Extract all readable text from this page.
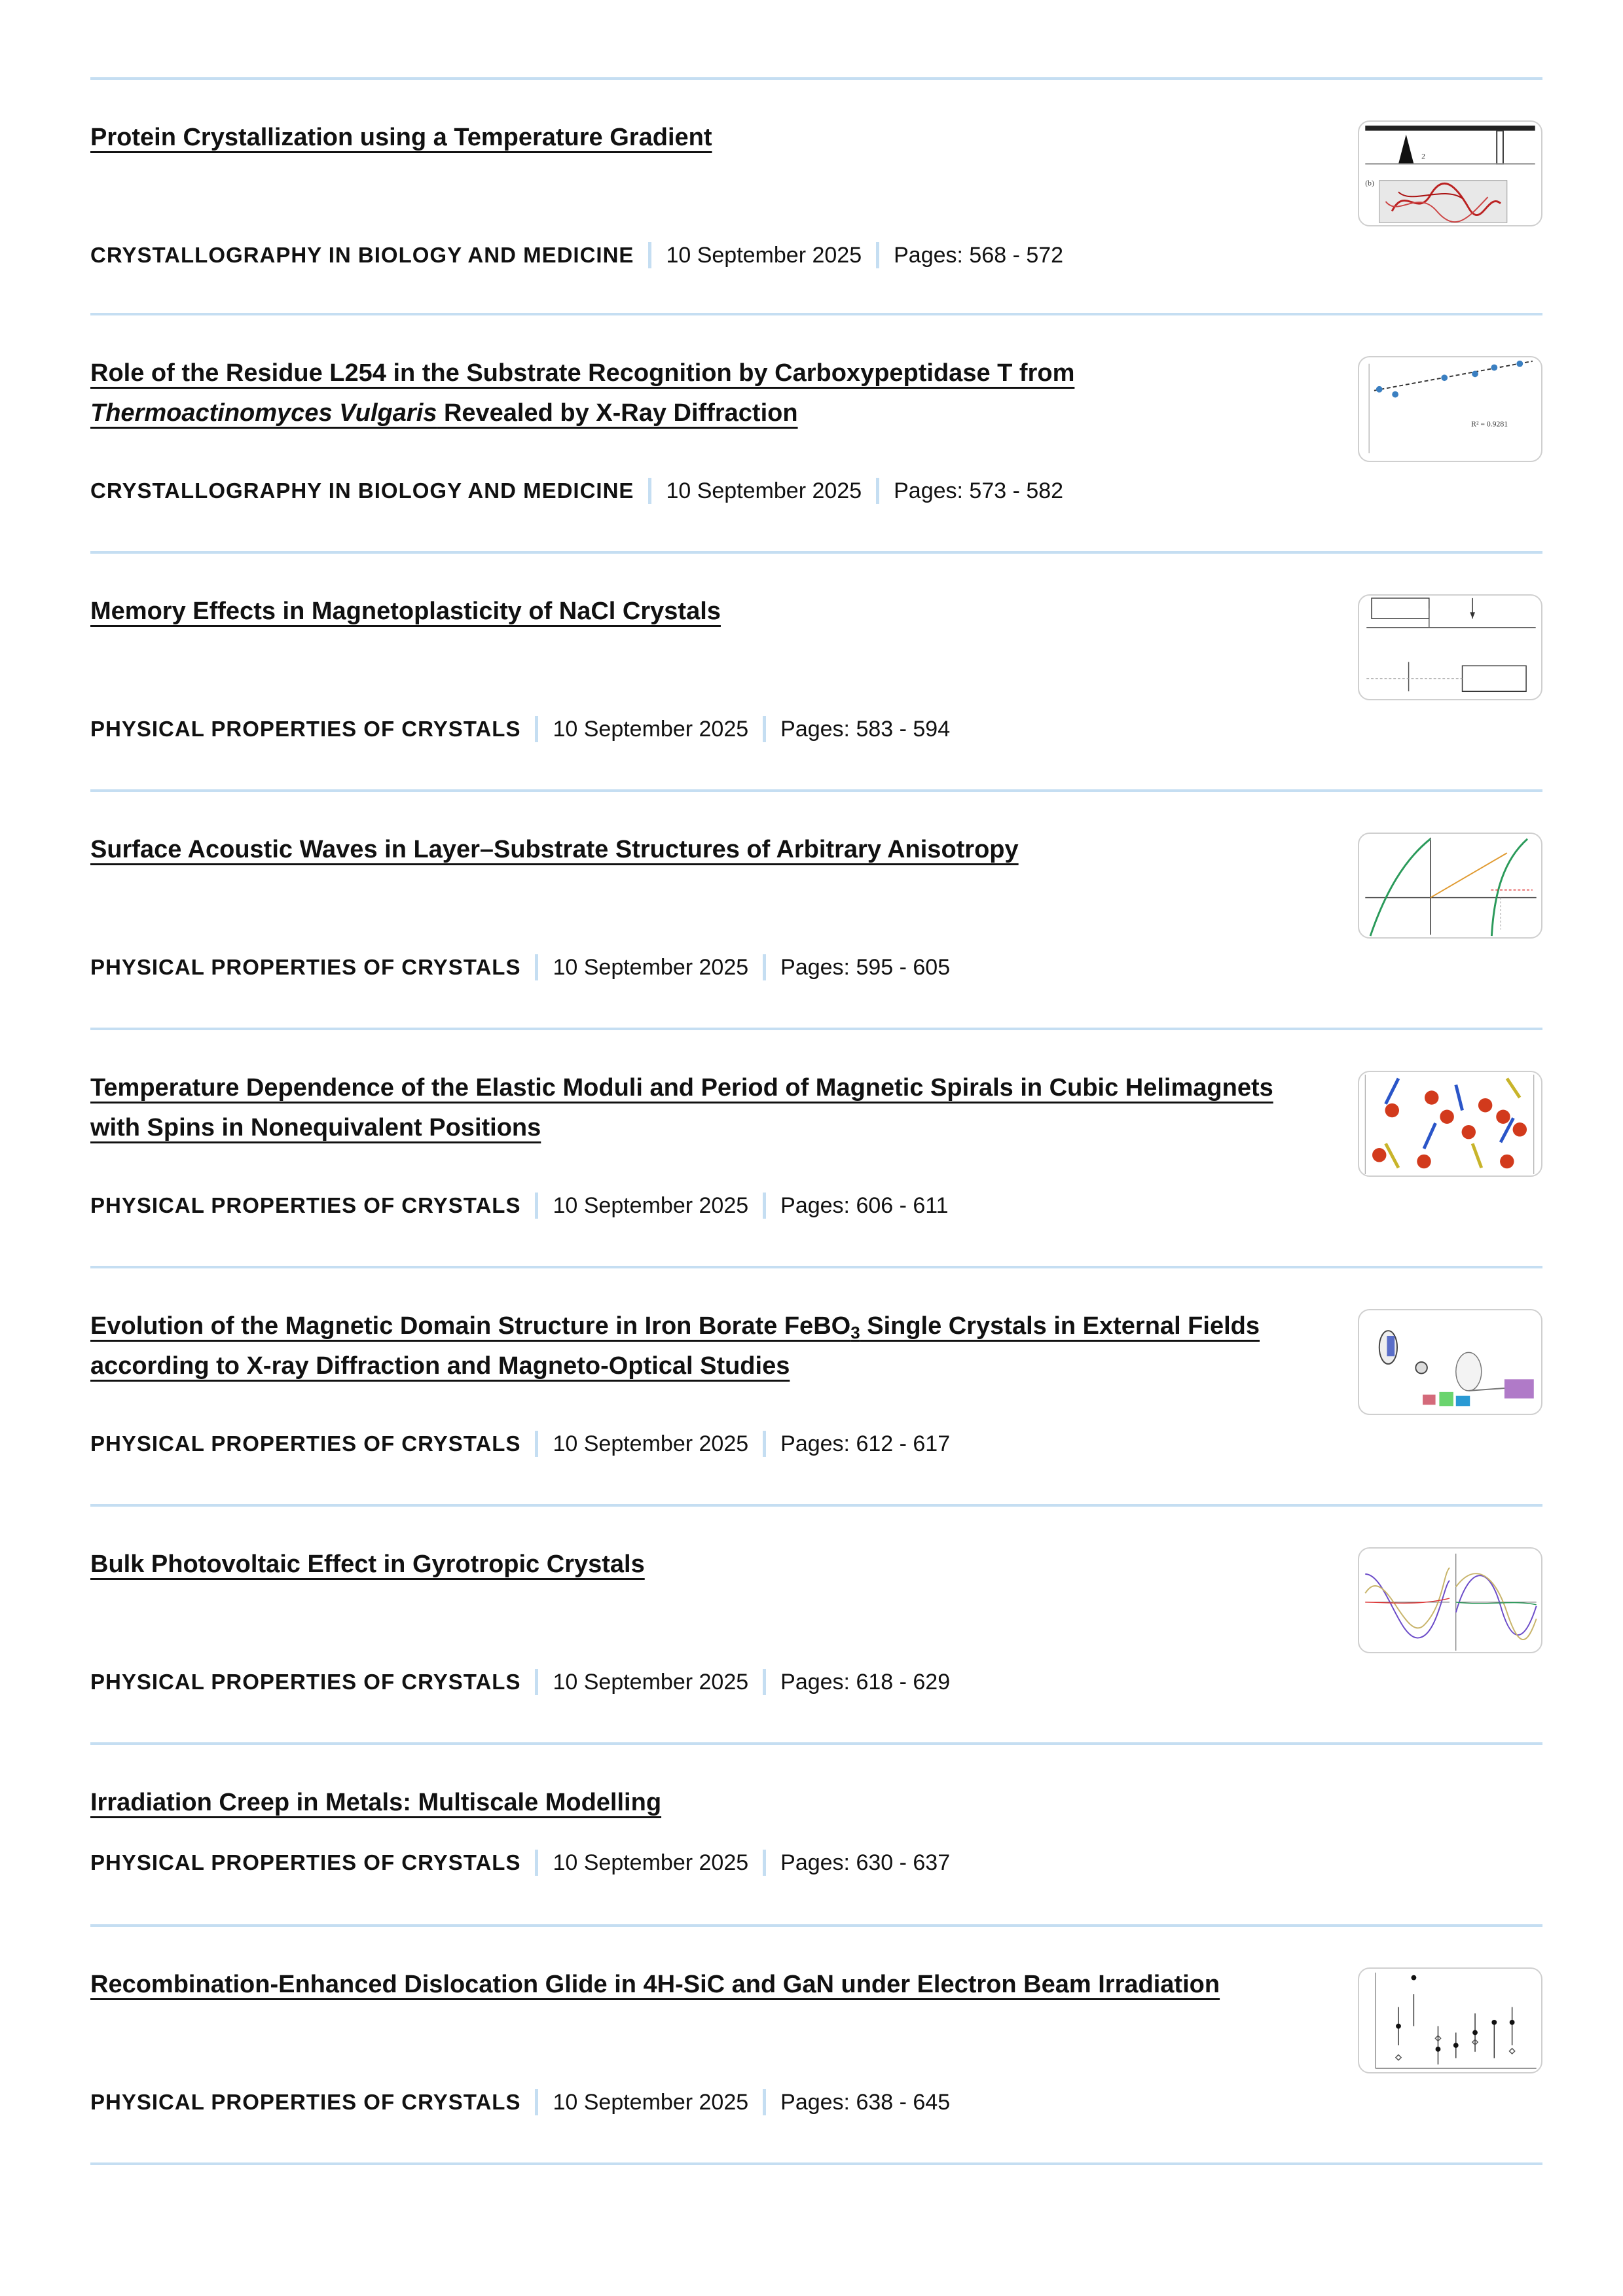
Protein Crystallization using a Temperature Gradient
CRYSTALLOGRAPHY IN BIOLOGY AND MEDICINE 10 September 2025 Pages: 568 - 572
2
(b)
Role of the Residue L254 in the Substrate Recognition by Carboxypeptidase T from Thermoactinomyces Vulgaris Revealed by X-Ray Diffraction
CRYSTALLOGRAPHY IN BIOLOGY AND MEDICINE 10 September 2025 Pages: 573 - 582
R² = 0.9281
Memory Effects in Magnetoplasticity of NaCl Crystals
PHYSICAL PROPERTIES OF CRYSTALS 10 September 2025 Pages: 583 - 594
Surface Acoustic Waves in Layer–Substrate Structures of Arbitrary Anisotropy
PHYSICAL PROPERTIES OF CRYSTALS 10 September 2025 Pages: 595 - 605
Temperature Dependence of the Elastic Moduli and Period of Magnetic Spirals in Cubic Helimagnets with Spins in Nonequivalent Positions
PHYSICAL PROPERTIES OF CRYSTALS 10 September 2025 Pages: 606 - 611
Evolution of the Magnetic Domain Structure in Iron Borate FeBO$_3$ Single Crystals in External Fields according to X-ray Diffraction and Magneto-Optical Studies
PHYSICAL PROPERTIES OF CRYSTALS 10 September 2025 Pages: 612 - 617
Bulk Photovoltaic Effect in Gyrotropic Crystals
PHYSICAL PROPERTIES OF CRYSTALS 10 September 2025 Pages: 618 - 629
Irradiation Creep in Metals: Multiscale Modelling
PHYSICAL PROPERTIES OF CRYSTALS 10 September 2025 Pages: 630 - 637
Recombination-Enhanced Dislocation Glide in 4H-SiC and GaN under Electron Beam Irradiation
PHYSICAL PROPERTIES OF CRYSTALS 10 September 2025 Pages: 638 - 645
